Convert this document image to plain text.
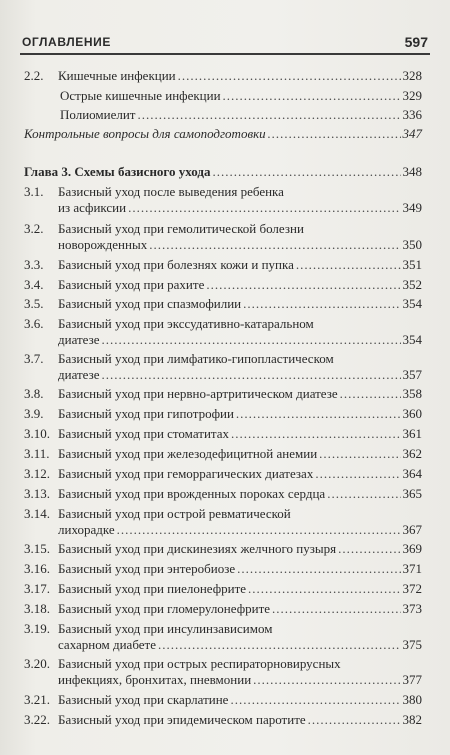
ОГЛАВЛЕНИЕ	597
2.2.	Кишечные инфекции .....	328
Острые кишечные инфекции .....	329
Полиомиелит .....	336
Контрольные вопросы для самоподготовки .....	347
Глава 3. Схемы базисного ухода .....	348
3.1.	Базисный уход после выведения ребенка
из асфиксии .....	349
3.2.	Базисный уход при гемолитической болезни
новорожденных .....	350
3.3.	Базисный уход при болезнях кожи и пупка .....	351
3.4.	Базисный уход при рахите .....	352
3.5.	Базисный уход при спазмофилии .....	354
3.6.	Базисный уход при экссудативно-катаральном
диатезе .....	354
3.7.	Базисный уход при лимфатико-гипопластическом
диатезе .....	357
3.8.	Базисный уход при нервно-артритическом диатезе .....	358
3.9.	Базисный уход при гипотрофии .....	360
3.10. Базисный уход при стоматитах .....	361
3.11. Базисный уход при железодефицитной анемии .....	362
3.12. Базисный уход при геморрагических диатезах .....	364
3.13. Базисный уход при врожденных пороках сердца .....	365
3.14. Базисный уход при острой ревматической
лихорадке .....	367
3.15. Базисный уход при дискинезиях желчного пузыря .....	369
3.16. Базисный уход при энтеробиозе .....	371
3.17. Базисный уход при пиелонефрите .....	372
3.18. Базисный уход при гломерулонефрите .....	373
3.19. Базисный уход при инсулинзависимом
сахарном диабете .....	375
3.20. Базисный уход при острых респираторновирусных
инфекциях, бронхитах, пневмонии .....	377
3.21. Базисный уход при скарлатине .....	380
3.22. Базисный уход при эпидемическом паротите .....	382
